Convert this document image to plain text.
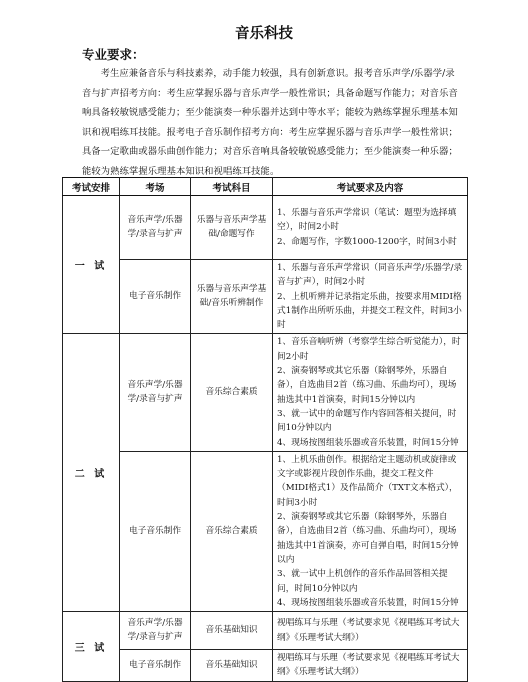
音乐科技
专业要求：
考生应兼备音乐与科技素养，动手能力较强，具有创新意识。报考音乐声学/乐器学/录音与扩声招考方向：考生应掌握乐器与音乐声学一般性常识；具备命题写作能力；对音乐音响具备较敏锐感受能力；至少能演奏一种乐器并达到中等水平；能较为熟练掌握乐理基本知识和视唱练耳技能。报考电子音乐制作招考方向：考生应掌握乐器与音乐声学一般性常识；具备一定歌曲或器乐曲创作能力；对音乐音响具备较敏锐感受能力；至少能演奏一种乐器；能较为熟练掌握乐理基本知识和视唱练耳技能。
考试安排	考场	考试科目	考试要求及内容
一 试	音乐声学/乐器学/录音与扩声	乐器与音乐声学基础/命题写作	1、乐器与音乐声学常识（笔试：题型为选择填空），时间2小时
2、命题写作，字数1000-1200字，时间3小时

	电子音乐制作	乐器与音乐声学基础/音乐听辨制作	1、乐器与音乐声学常识（同音乐声学/乐器学/录音与扩声），时间2小时
2、上机听辨并记录指定乐曲，按要求用MIDI格式1制作出所听乐曲，并提交工程文件，时间3小时

二 试	音乐声学/乐器学/录音与扩声	音乐综合素质	1、音乐音响听辨（考察学生综合听觉能力），时间2小时
2、演奏钢琴或其它乐器（除钢琴外，乐器自备），自选曲目2首（练习曲、乐曲均可），现场抽选其中1首演奏，时间15分钟以内
3、就一试中的命题写作内容回答相关提问，时间10分钟以内
4、现场按图组装乐器或音乐装置，时间15分钟

	电子音乐制作	音乐综合素质	1、上机乐曲创作。根据给定主题动机或旋律或文字或影视片段创作乐曲，提交工程文件（MIDI格式1）及作品简介（TXT文本格式），时间3小时
2、演奏钢琴或其它乐器（除钢琴外，乐器自备），自选曲目2首（练习曲、乐曲均可），现场抽选其中1首演奏，亦可自弹自唱，时间15分钟以内
3、就一试中上机创作的音乐作品回答相关提问，时间10分钟以内
4、现场按图组装乐器或音乐装置，时间15分钟

三 试	音乐声学/乐器学/录音与扩声	音乐基础知识	视唱练耳与乐理（考试要求见《视唱练耳考试大纲》《乐理考试大纲》）

	电子音乐制作	音乐基础知识	视唱练耳与乐理（考试要求见《视唱练耳考试大纲》《乐理考试大纲》）
